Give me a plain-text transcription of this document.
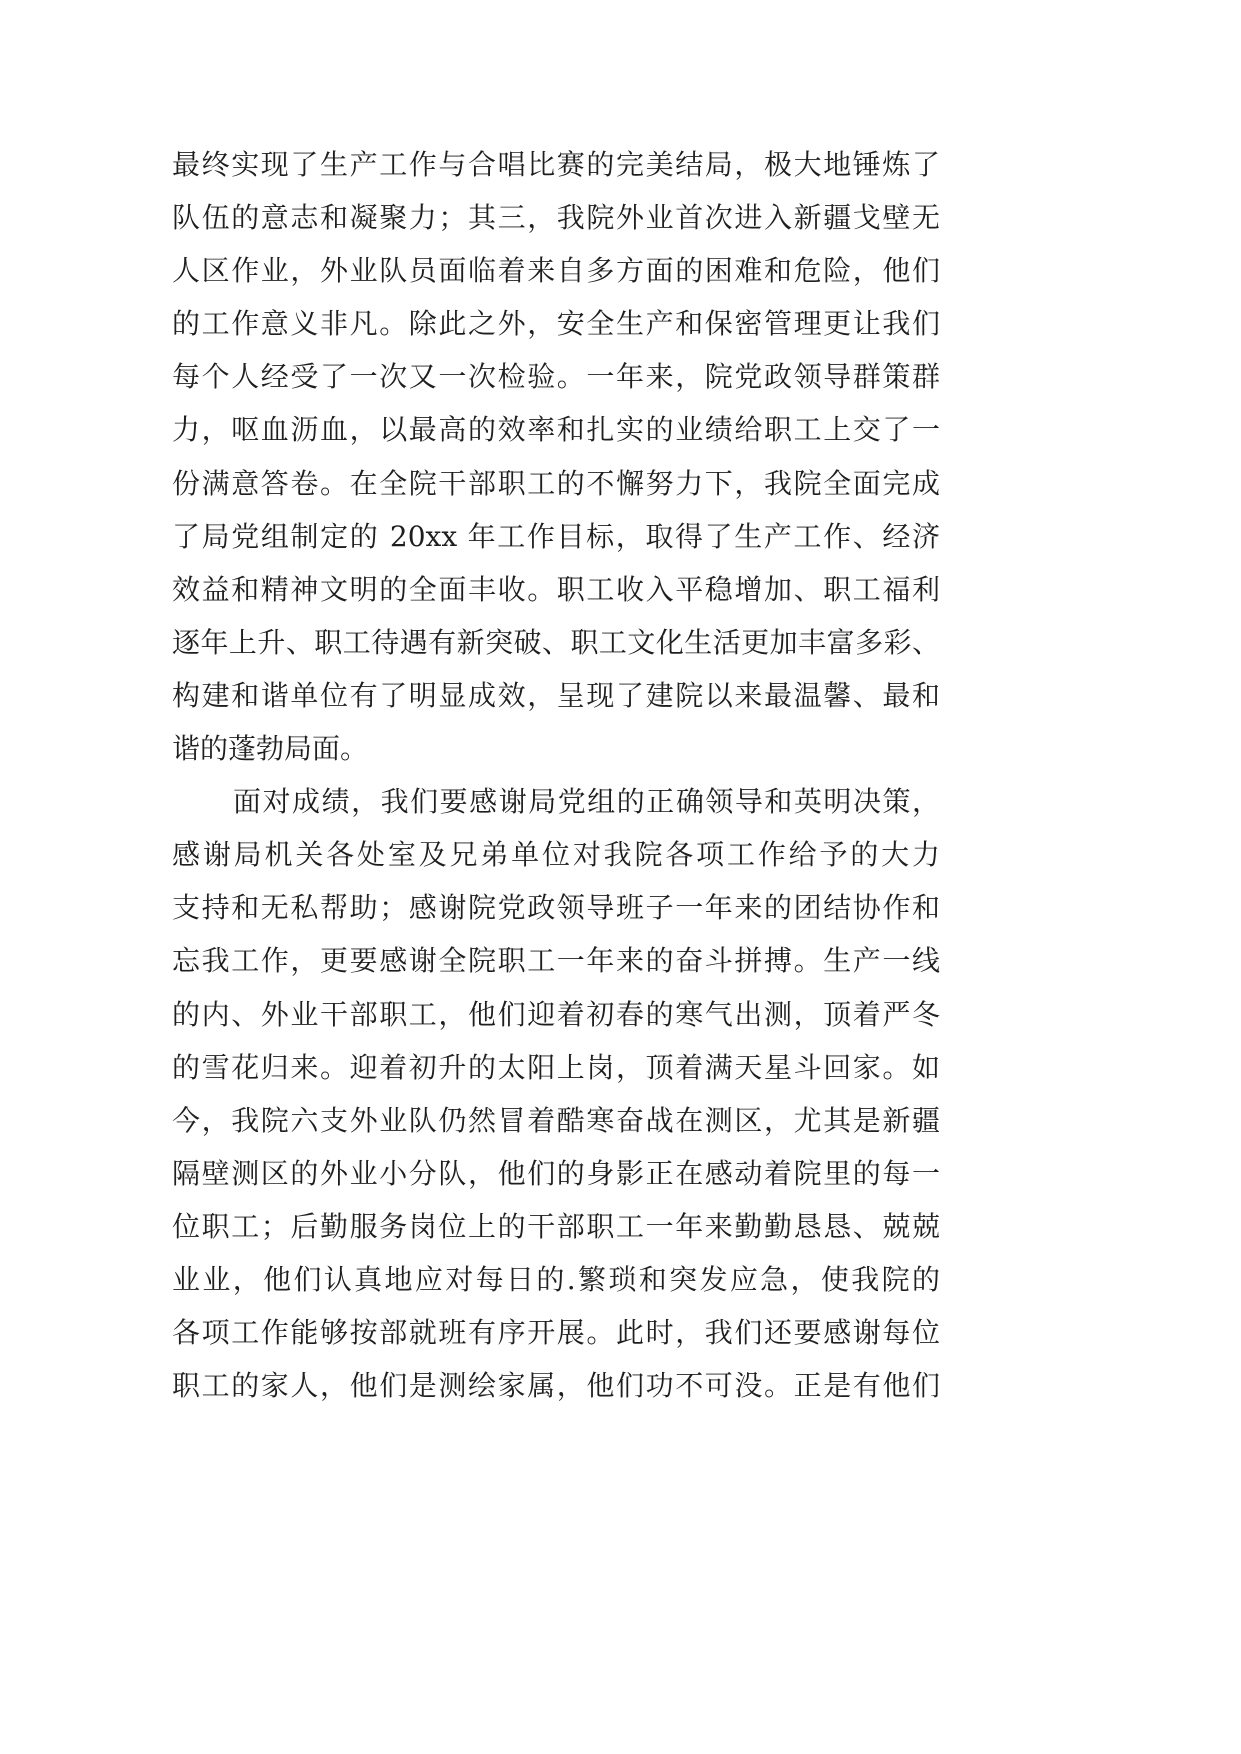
最终实现了生产工作与合唱比赛的完美结局，极大地锤炼了
队伍的意志和凝聚力；其三，我院外业首次进入新疆戈壁无
人区作业，外业队员面临着来自多方面的困难和危险，他们
的工作意义非凡。除此之外，安全生产和保密管理更让我们
每个人经受了一次又一次检验。一年来，院党政领导群策群
力，呕血沥血，以最高的效率和扎实的业绩给职工上交了一
份满意答卷。在全院干部职工的不懈努力下，我院全面完成
了局党组制定的 20xx 年工作目标，取得了生产工作、经济
效益和精神文明的全面丰收。职工收入平稳增加、职工福利
逐年上升、职工待遇有新突破、职工文化生活更加丰富多彩、
构建和谐单位有了明显成效，呈现了建院以来最温馨、最和
谐的蓬勃局面。
面对成绩，我们要感谢局党组的正确领导和英明决策，
感谢局机关各处室及兄弟单位对我院各项工作给予的大力
支持和无私帮助；感谢院党政领导班子一年来的团结协作和
忘我工作，更要感谢全院职工一年来的奋斗拼搏。生产一线
的内、外业干部职工，他们迎着初春的寒气出测，顶着严冬
的雪花归来。迎着初升的太阳上岗，顶着满天星斗回家。如
今，我院六支外业队仍然冒着酷寒奋战在测区，尤其是新疆
隔壁测区的外业小分队，他们的身影正在感动着院里的每一
位职工；后勤服务岗位上的干部职工一年来勤勤恳恳、兢兢
业业，他们认真地应对每日的.繁琐和突发应急，使我院的
各项工作能够按部就班有序开展。此时，我们还要感谢每位
职工的家人，他们是测绘家属，他们功不可没。正是有他们
